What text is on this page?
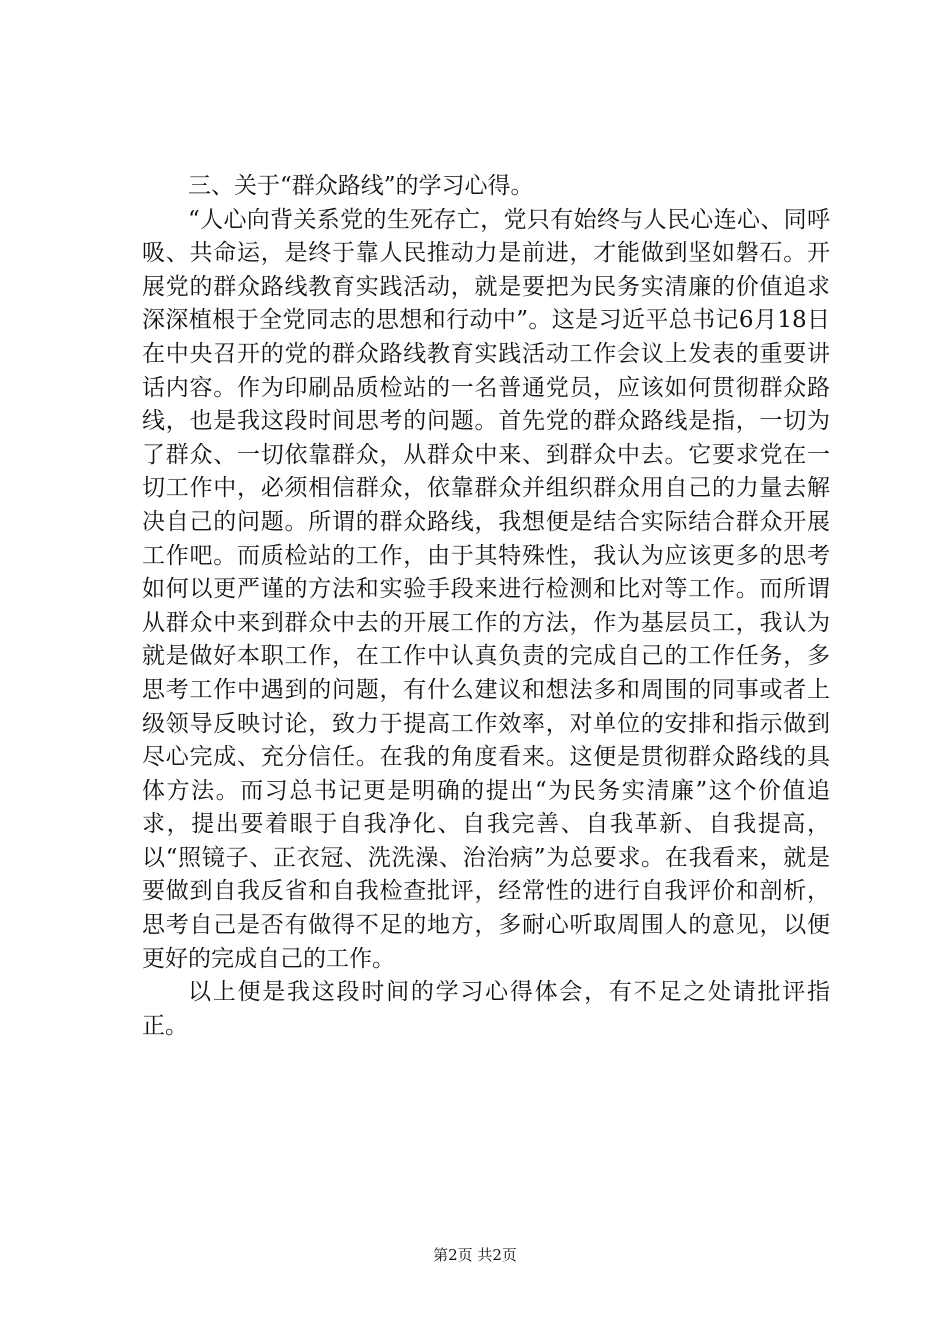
三、关于“群众路线”的学习心得。

“人心向背关系党的生死存亡，党只有始终与人民心连心、同呼吸、共命运，是终于靠人民推动力是前进，才能做到坚如磐石。开展党的群众路线教育实践活动，就是要把为民务实清廉的价值追求深深植根于全党同志的思想和行动中”。这是习近平总书记6月18日在中央召开的党的群众路线教育实践活动工作会议上发表的重要讲话内容。作为印刷品质检站的一名普通党员，应该如何贯彻群众路线，也是我这段时间思考的问题。首先党的群众路线是指，一切为了群众、一切依靠群众，从群众中来、到群众中去。它要求党在一切工作中，必须相信群众，依靠群众并组织群众用自己的力量去解决自己的问题。所谓的群众路线，我想便是结合实际结合群众开展工作吧。而质检站的工作，由于其特殊性，我认为应该更多的思考如何以更严谨的方法和实验手段来进行检测和比对等工作。而所谓从群众中来到群众中去的开展工作的方法，作为基层员工，我认为就是做好本职工作，在工作中认真负责的完成自己的工作任务，多思考工作中遇到的问题，有什么建议和想法多和周围的同事或者上级领导反映讨论，致力于提高工作效率，对单位的安排和指示做到尽心完成、充分信任。在我的角度看来。这便是贯彻群众路线的具体方法。而习总书记更是明确的提出“为民务实清廉”这个价值追求，提出要着眼于自我净化、自我完善、自我革新、自我提高，以“照镜子、正衣冠、洗洗澡、治治病”为总要求。在我看来，就是要做到自我反省和自我检查批评，经常性的进行自我评价和剖析，思考自己是否有做得不足的地方，多耐心听取周围人的意见，以便更好的完成自己的工作。

以上便是我这段时间的学习心得体会，有不足之处请批评指正。

第2页 共2页
